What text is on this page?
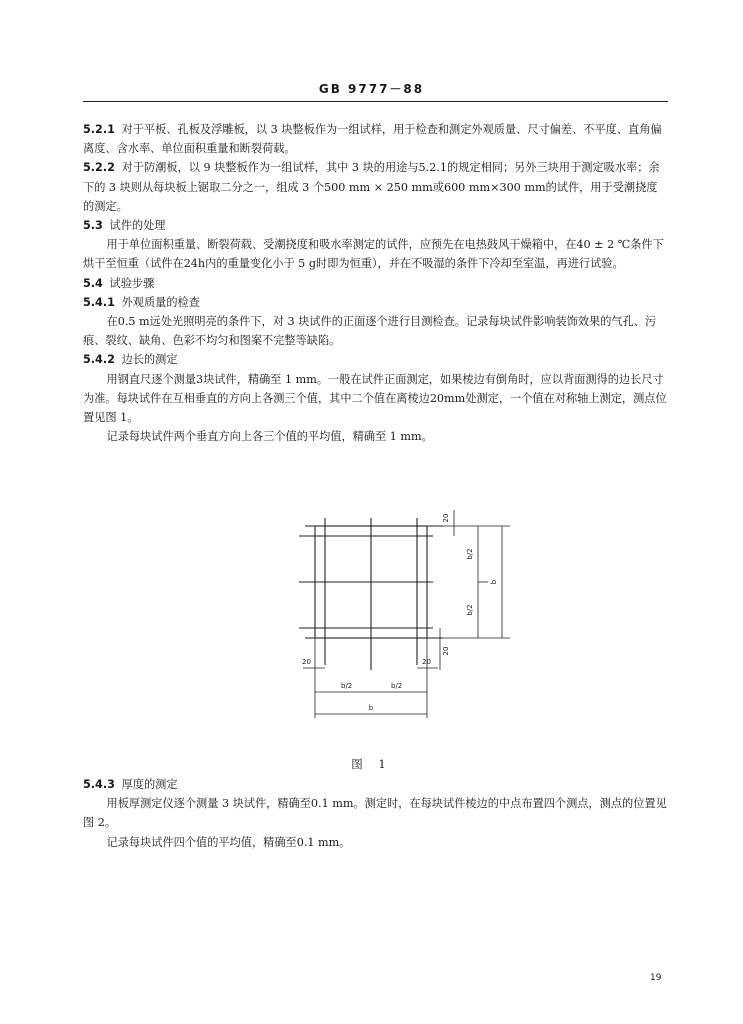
GB 9777－88

5.2.1 对于平板、孔板及浮雕板，以 3 块整板作为一组试样，用于检查和测定外观质量、尺寸偏差、不平度、直角偏离度、含水率、单位面积重量和断裂荷载。

5.2.2 对于防潮板，以 9 块整板作为一组试样，其中 3 块的用途与5.2.1的规定相同；另外三块用于测定吸水率；余下的 3 块则从每块板上锯取二分之一，组成 3 个500 mm × 250 mm或600 mm×300 mm的试件，用于受潮挠度的测定。

5.3 试件的处理

用于单位面积重量、断裂荷载、受潮挠度和吸水率测定的试件，应预先在电热鼓风干燥箱中，在40 ± 2 ℃条件下烘干至恒重（试件在24h内的重量变化小于 5 g时即为恒重），并在不吸湿的条件下冷却至室温，再进行试验。

5.4 试验步骤

5.4.1 外观质量的检查

在0.5 m远处光照明亮的条件下，对 3 块试件的正面逐个进行目测检查。记录每块试件影响装饰效果的气孔、污痕、裂纹、缺角、色彩不均匀和图案不完整等缺陷。

5.4.2 边长的测定

用钢直尺逐个测量3块试件，精确至 1 mm。一般在试件正面测定，如果棱边有倒角时，应以背面测得的边长尺寸为准。每块试件在互相垂直的方向上各测三个值，其中二个值在离棱边20mm处测定，一个值在对称轴上测定，测点位置见图 1。

记录每块试件两个垂直方向上各三个值的平均值，精确至 1 mm。

20
b/2
b
b/2
20
20	20
b/2	b/2
b
图 1

5.4.3 厚度的测定

用板厚测定仪逐个测量 3 块试件，精确至0.1 mm。测定时，在每块试件棱边的中点布置四个测点，测点的位置见图 2。

记录每块试件四个值的平均值，精确至0.1 mm。

19
